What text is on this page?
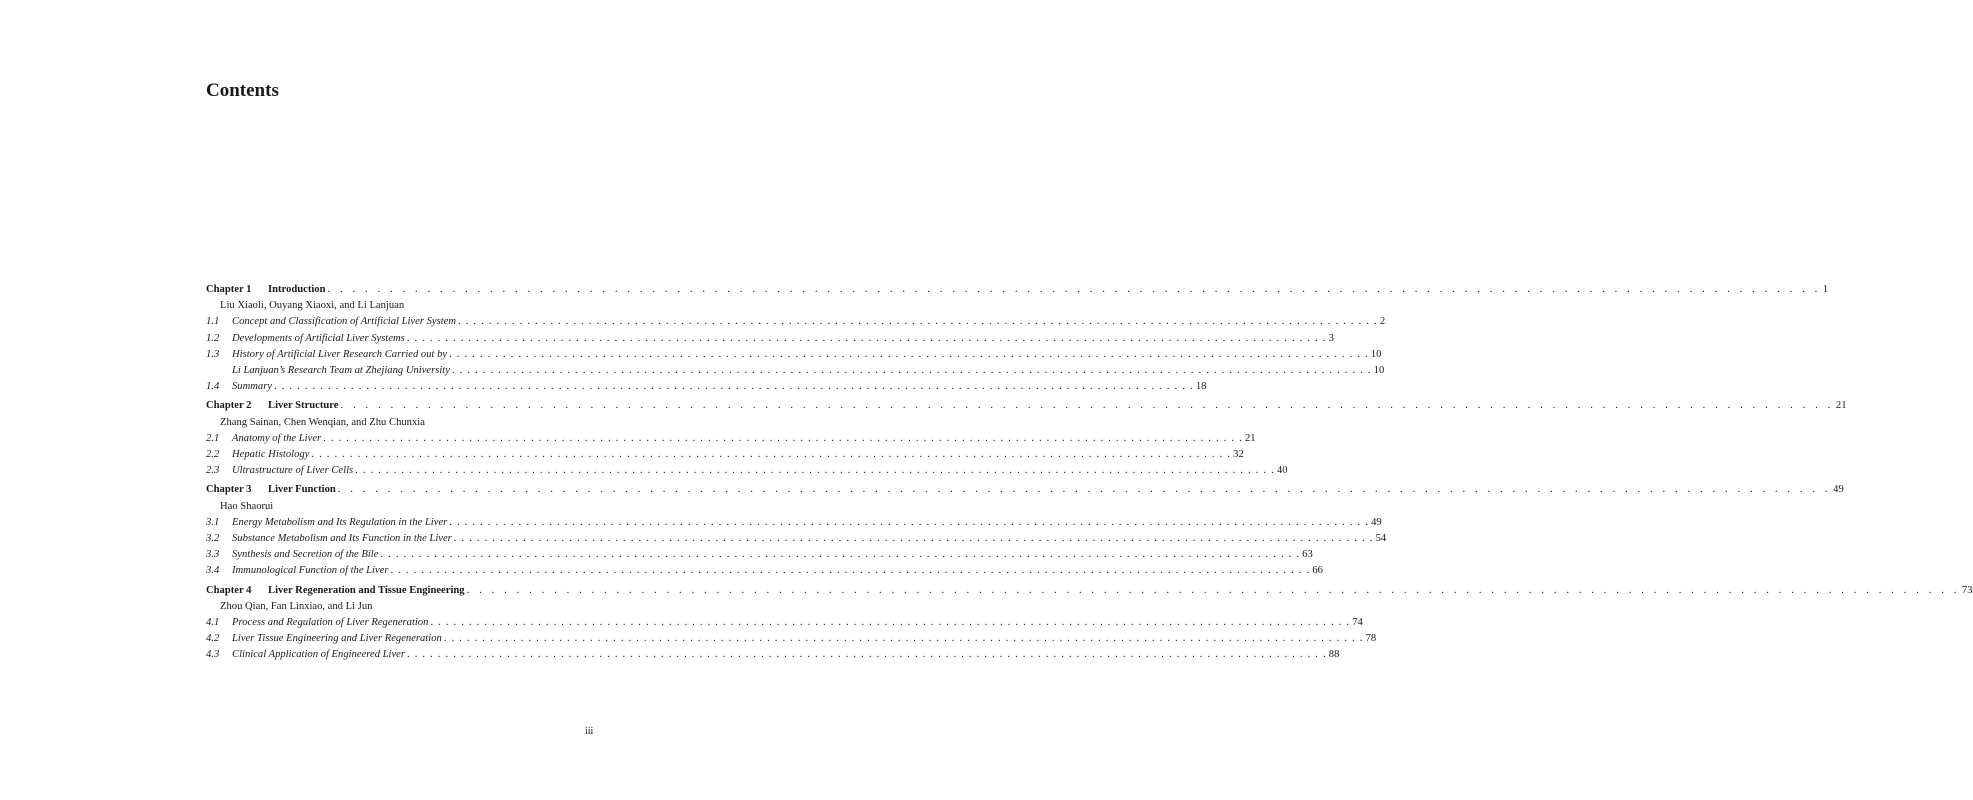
Contents
Chapter 1	Introduction . . . . . . . . . . . . . . . . . . . . . . . . . . . . . . . . . . . . . . . . . . . . . . . . . . . . . . . . . . . . . . . . . . . . . . . . . . . . . . . . . . . . . . . . . . . . . . . . . . . . . . . . . . . . . . . . . . . . . . . . 1
Liu Xiaoli, Ouyang Xiaoxi, and Li Lanjuan
1.1	Concept and Classification of Artificial Liver System . . . . . . . . . . . . . . . . . . . . . . . . . . . . . . . . . . . . . . . . . . . . . . . . . . . . . . . . . . . . . . . . . . . . . . . . . . . . . . . . . . . . . . . . . . . . . . . . . . . . . . . . . . . . . . . . . . . . . . . . 2
1.2	Developments of Artificial Liver Systems . . . . . . . . . . . . . . . . . . . . . . . . . . . . . . . . . . . . . . . . . . . . . . . . . . . . . . . . . . . . . . . . . . . . . . . . . . . . . . . . . . . . . . . . . . . . . . . . . . . . . . . . . . . . . . . . . . . . . . . . 3
1.3	History of Artificial Liver Research Carried out by . . . . . . . . . . . . . . . . . . . . . . . . . . . . . . . . . . . . . . . . . . . . . . . . . . . . . . . . . . . . . . . . . . . . . . . . . . . . . . . . . . . . . . . . . . . . . . . . . . . . . . . . . . . . . . . . . . . . . . . . 10
Li Lanjuan’s Research Team at Zhejiang University . . . . . . . . . . . . . . . . . . . . . . . . . . . . . . . . . . . . . . . . . . . . . . . . . . . . . . . . . . . . . . . . . . . . . . . . . . . . . . . . . . . . . . . . . . . . . . . . . . . . . . . . . . . . . . . . . . . . . . . . 10
1.4	Summary . . . . . . . . . . . . . . . . . . . . . . . . . . . . . . . . . . . . . . . . . . . . . . . . . . . . . . . . . . . . . . . . . . . . . . . . . . . . . . . . . . . . . . . . . . . . . . . . . . . . . . . . . . . . . . . . . . . . . . . . 18
Chapter 2	Liver Structure . . . . . . . . . . . . . . . . . . . . . . . . . . . . . . . . . . . . . . . . . . . . . . . . . . . . . . . . . . . . . . . . . . . . . . . . . . . . . . . . . . . . . . . . . . . . . . . . . . . . . . . . . . . . . . . . . . . . . . . . 21
Zhang Sainan, Chen Wenqian, and Zhu Chunxia
2.1	Anatomy of the Liver . . . . . . . . . . . . . . . . . . . . . . . . . . . . . . . . . . . . . . . . . . . . . . . . . . . . . . . . . . . . . . . . . . . . . . . . . . . . . . . . . . . . . . . . . . . . . . . . . . . . . . . . . . . . . . . . . . . . . . . . 21
2.2	Hepatic Histology . . . . . . . . . . . . . . . . . . . . . . . . . . . . . . . . . . . . . . . . . . . . . . . . . . . . . . . . . . . . . . . . . . . . . . . . . . . . . . . . . . . . . . . . . . . . . . . . . . . . . . . . . . . . . . . . . . . . . . . . 32
2.3	Ultrastructure of Liver Cells . . . . . . . . . . . . . . . . . . . . . . . . . . . . . . . . . . . . . . . . . . . . . . . . . . . . . . . . . . . . . . . . . . . . . . . . . . . . . . . . . . . . . . . . . . . . . . . . . . . . . . . . . . . . . . . . . . . . . . . . 40
Chapter 3	Liver Function . . . . . . . . . . . . . . . . . . . . . . . . . . . . . . . . . . . . . . . . . . . . . . . . . . . . . . . . . . . . . . . . . . . . . . . . . . . . . . . . . . . . . . . . . . . . . . . . . . . . . . . . . . . . . . . . . . . . . . . . 49
Hao Shaorui
3.1	Energy Metabolism and Its Regulation in the Liver . . . . . . . . . . . . . . . . . . . . . . . . . . . . . . . . . . . . . . . . . . . . . . . . . . . . . . . . . . . . . . . . . . . . . . . . . . . . . . . . . . . . . . . . . . . . . . . . . . . . . . . . . . . . . . . . . . . . . . . . 49
3.2	Substance Metabolism and Its Function in the Liver . . . . . . . . . . . . . . . . . . . . . . . . . . . . . . . . . . . . . . . . . . . . . . . . . . . . . . . . . . . . . . . . . . . . . . . . . . . . . . . . . . . . . . . . . . . . . . . . . . . . . . . . . . . . . . . . . . . . . . . . 54
3.3	Synthesis and Secretion of the Bile . . . . . . . . . . . . . . . . . . . . . . . . . . . . . . . . . . . . . . . . . . . . . . . . . . . . . . . . . . . . . . . . . . . . . . . . . . . . . . . . . . . . . . . . . . . . . . . . . . . . . . . . . . . . . . . . . . . . . . . . 63
3.4	Immunological Function of the Liver . . . . . . . . . . . . . . . . . . . . . . . . . . . . . . . . . . . . . . . . . . . . . . . . . . . . . . . . . . . . . . . . . . . . . . . . . . . . . . . . . . . . . . . . . . . . . . . . . . . . . . . . . . . . . . . . . . . . . . . . 66
Chapter 4	Liver Regeneration and Tissue Engineering . . . . . . . . . . . . . . . . . . . . . . . . . . . . . . . . . . . . . . . . . . . . . . . . . . . . . . . . . . . . . . . . . . . . . . . . . . . . . . . . . . . . . . . . . . . . . . . . . . . . . . . . . . . . . . . . . . . . . . . . 73
Zhou Qian, Fan Linxiao, and Li Jun
4.1	Process and Regulation of Liver Regeneration . . . . . . . . . . . . . . . . . . . . . . . . . . . . . . . . . . . . . . . . . . . . . . . . . . . . . . . . . . . . . . . . . . . . . . . . . . . . . . . . . . . . . . . . . . . . . . . . . . . . . . . . . . . . . . . . . . . . . . . . 74
4.2	Liver Tissue Engineering and Liver Regeneration . . . . . . . . . . . . . . . . . . . . . . . . . . . . . . . . . . . . . . . . . . . . . . . . . . . . . . . . . . . . . . . . . . . . . . . . . . . . . . . . . . . . . . . . . . . . . . . . . . . . . . . . . . . . . . . . . . . . . . . . 78
4.3	Clinical Application of Engineered Liver . . . . . . . . . . . . . . . . . . . . . . . . . . . . . . . . . . . . . . . . . . . . . . . . . . . . . . . . . . . . . . . . . . . . . . . . . . . . . . . . . . . . . . . . . . . . . . . . . . . . . . . . . . . . . . . . . . . . . . . . 88
iii
